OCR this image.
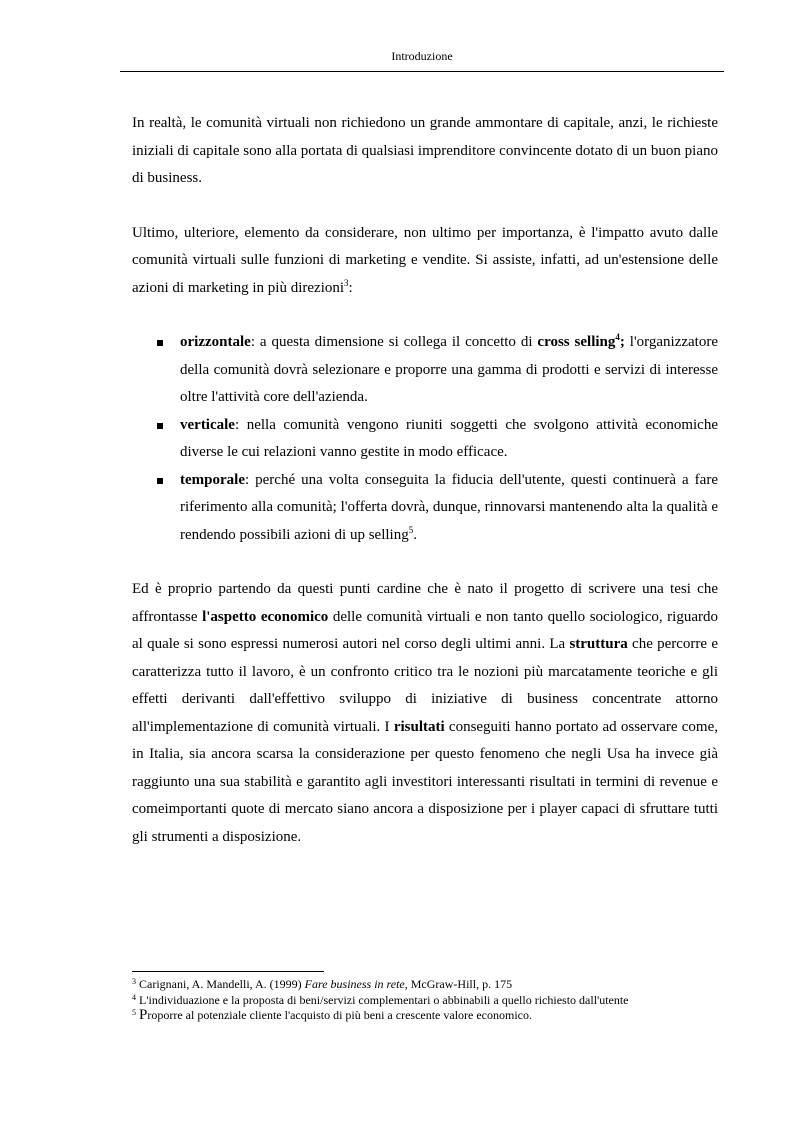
Introduzione

In realtà, le comunità virtuali non richiedono un grande ammontare di capitale, anzi, le richieste iniziali di capitale sono alla portata di qualsiasi imprenditore convincente dotato di un buon piano di business.

Ultimo, ulteriore, elemento da considerare, non ultimo per importanza, è l'impatto avuto dalle comunità virtuali sulle funzioni di marketing e vendite. Si assiste, infatti, ad un'estensione delle azioni di marketing in più direzioni$^3$:

orizzontale: a questa dimensione si collega il concetto di cross selling$^4$; l'organizzatore della comunità dovrà selezionare e proporre una gamma di prodotti e servizi di interesse oltre l'attività core dell'azienda.
verticale: nella comunità vengono riuniti soggetti che svolgono attività economiche diverse le cui relazioni vanno gestite in modo efficace.
temporale: perché una volta conseguita la fiducia dell'utente, questi continuerà a fare riferimento alla comunità; l'offerta dovrà, dunque, rinnovarsi mantenendo alta la qualità e rendendo possibili azioni di up selling$^5$.

Ed è proprio partendo da questi punti cardine che è nato il progetto di scrivere una tesi che affrontasse l'aspetto economico delle comunità virtuali e non tanto quello sociologico, riguardo al quale si sono espressi numerosi autori nel corso degli ultimi anni. La struttura che percorre e caratterizza tutto il lavoro, è un confronto critico tra le nozioni più marcatamente teoriche e gli effetti derivanti dall'effettivo sviluppo di iniziative di business concentrate attorno all'implementazione di comunità virtuali. I risultati conseguiti hanno portato ad osservare come, in Italia, sia ancora scarsa la considerazione per questo fenomeno che negli Usa ha invece già raggiunto una sua stabilità e garantito agli investitori interessanti risultati in termini di revenue e comeimportanti quote di mercato siano ancora a disposizione per i player capaci di sfruttare tutti gli strumenti a disposizione.

$^3$ Carignani, A. Mandelli, A. (1999) Fare business in rete, McGraw-Hill, p. 175
$^4$ L'individuazione e la proposta di beni/servizi complementari o abbinabili a quello richiesto dall'utente
$^5$ Proporre al potenziale cliente l'acquisto di più beni a crescente valore economico.
